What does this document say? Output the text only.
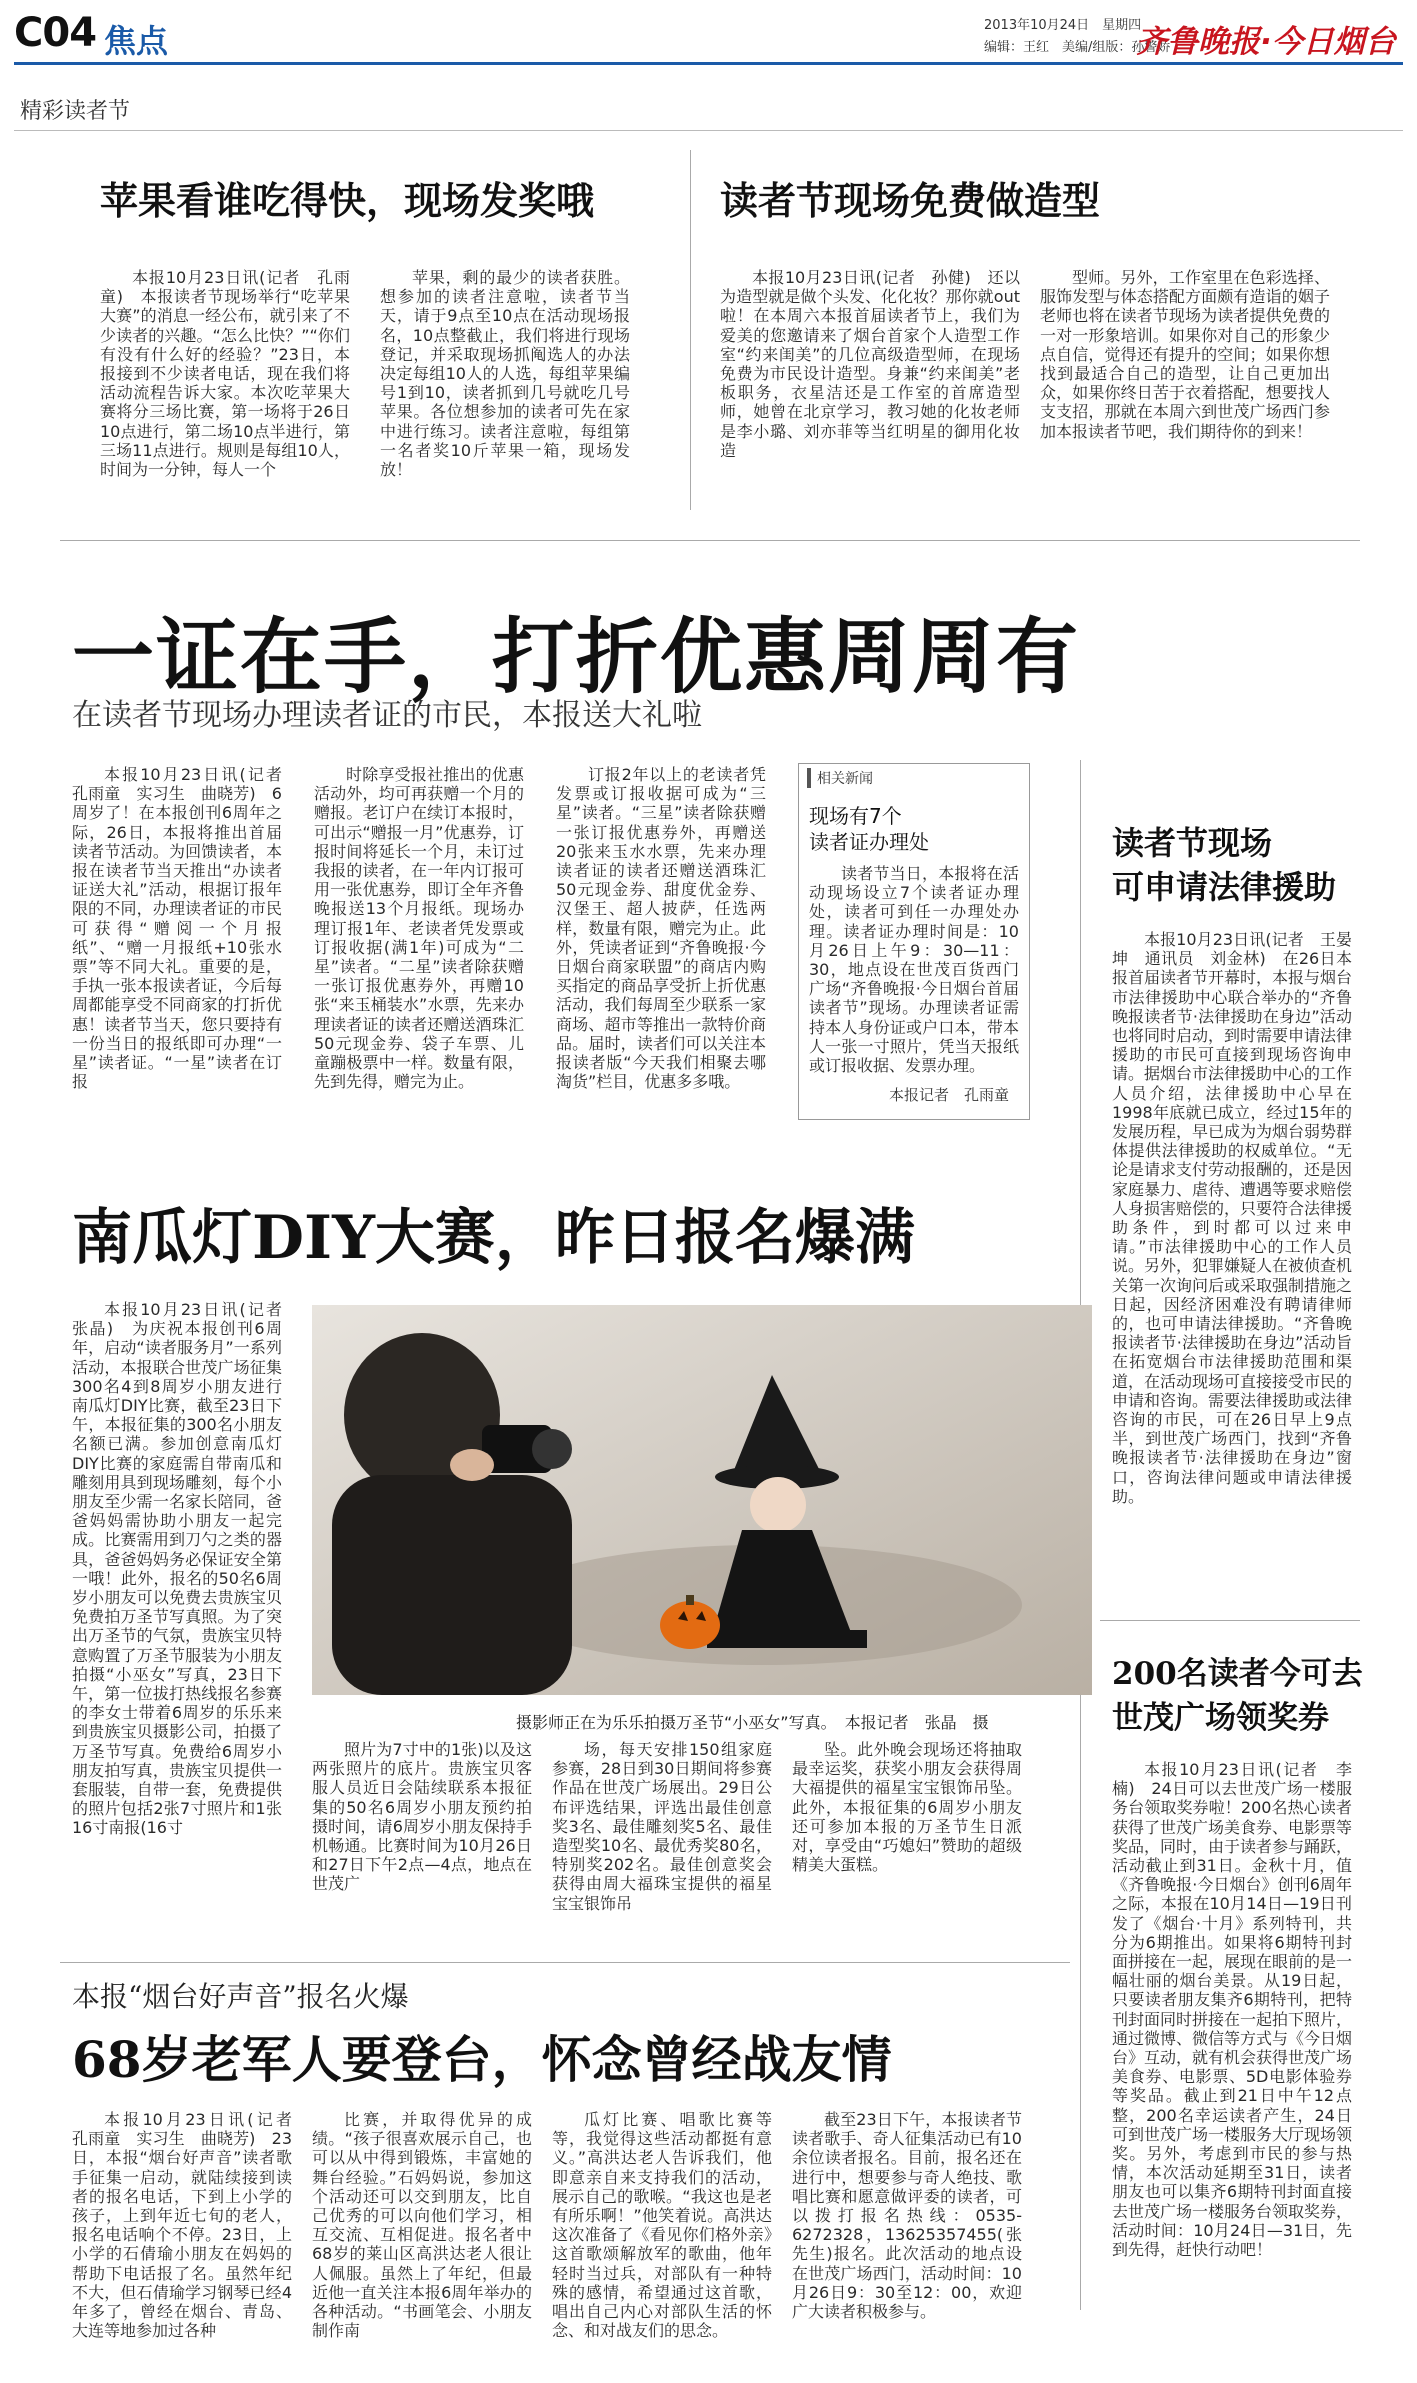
C04 焦点	2013年10月24日　星期四
编辑：王红　美编/组版：孙警娇
齐鲁晚报·今日烟台
精彩读者节
苹果看谁吃得快，现场发奖哦

本报10月23日讯(记者　孔雨童)　本报读者节现场举行“吃苹果大赛”的消息一经公布，就引来了不少读者的兴趣。“怎么比快？”“你们有没有什么好的经验？”23日，本报接到不少读者电话，现在我们将活动流程告诉大家。本次吃苹果大赛将分三场比赛，第一场将于26日10点进行，第二场10点半进行，第三场11点进行。规则是每组10人，时间为一分钟，每人一个

苹果，剩的最少的读者获胜。想参加的读者注意啦，读者节当天，请于9点至10点在活动现场报名，10点整截止，我们将进行现场登记，并采取现场抓阄选人的办法决定每组10人的人选，每组苹果编号1到10，读者抓到几号就吃几号苹果。各位想参加的读者可先在家中进行练习。读者注意啦，每组第一名者奖10斤苹果一箱，现场发放！

读者节现场免费做造型

本报10月23日讯(记者　孙健)　还以为造型就是做个头发、化化妆？那你就out啦！在本周六本报首届读者节上，我们为爱美的您邀请来了烟台首家个人造型工作室“约来闺美”的几位高级造型师，在现场免费为市民设计造型。身兼“约来闺美”老板职务，衣星洁还是工作室的首席造型师，她曾在北京学习，教习她的化妆老师是李小璐、刘亦菲等当红明星的御用化妆造

型师。另外，工作室里在色彩选择、服饰发型与体态搭配方面颇有造诣的姻子老师也将在读者节现场为读者提供免费的一对一形象培训。如果你对自己的形象少点自信，觉得还有提升的空间；如果你想找到最适合自己的造型，让自己更加出众，如果你终日苦于衣着搭配，想要找人支支招，那就在本周六到世茂广场西门参加本报读者节吧，我们期待你的到来！

一证在手，打折优惠周周有
在读者节现场办理读者证的市民，本报送大礼啦

本报10月23日讯(记者　孔雨童　实习生　曲晓芳)　6周岁了！在本报创刊6周年之际，26日，本报将推出首届读者节活动。为回馈读者，本报在读者节当天推出“办读者证送大礼”活动，根据订报年限的不同，办理读者证的市民可获得“赠阅一个月报纸”、“赠一月报纸+10张水票”等不同大礼。重要的是，手执一张本报读者证，今后每周都能享受不同商家的打折优惠！读者节当天，您只要持有一份当日的报纸即可办理“一星”读者证。“一星”读者在订报

时除享受报社推出的优惠活动外，均可再获赠一个月的赠报。老订户在续订本报时，可出示“赠报一月”优惠券，订报时间将延长一个月，未订过我报的读者，在一年内订报可用一张优惠券，即订全年齐鲁晚报送13个月报纸。现场办理订报1年、老读者凭发票或订报收据(满1年)可成为“二星”读者。“二星”读者除获赠一张订报优惠券外，再赠10张“来玉桶装水”水票，先来办理读者证的读者还赠送酒珠汇50元现金券、袋子车票、儿童蹦极票中一样。数量有限，先到先得，赠完为止。

订报2年以上的老读者凭发票或订报收据可成为“三星”读者。“三星”读者除获赠一张订报优惠券外，再赠送20张来玉水水票，先来办理读者证的读者还赠送酒珠汇50元现金券、甜度优金券、汉堡王、超人披萨，任选两样，数量有限，赠完为止。此外，凭读者证到“齐鲁晚报·今日烟台商家联盟”的商店内购买指定的商品享受折上折优惠活动，我们每周至少联系一家商场、超市等推出一款特价商品。届时，读者们可以关注本报读者版“今天我们相聚去哪淘货”栏目，优惠多多哦。

相关新闻
现场有7个
读者证办理处

读者节当日，本报将在活动现场设立7个读者证办理处，读者可到任一办理处办理。读者证办理时间是：10月26日上午9：30—11：30，地点设在世茂百货西门广场“齐鲁晚报·今日烟台首届读者节”现场。办理读者证需持本人身份证或户口本，带本人一张一寸照片，凭当天报纸或订报收据、发票办理。

本报记者　孔雨童
读者节现场
可申请法律援助

本报10月23日讯(记者　王晏坤　通讯员　刘金林)　在26日本报首届读者节开幕时，本报与烟台市法律援助中心联合举办的“齐鲁晚报读者节·法律援助在身边”活动也将同时启动，到时需要申请法律援助的市民可直接到现场咨询申请。据烟台市法律援助中心的工作人员介绍，法律援助中心早在1998年底就已成立，经过15年的发展历程，早已成为为烟台弱势群体提供法律援助的权威单位。“无论是请求支付劳动报酬的，还是因家庭暴力、虐待、遭遇等要求赔偿人身损害赔偿的，只要符合法律援助条件，到时都可以过来申请。”市法律援助中心的工作人员说。另外，犯罪嫌疑人在被侦查机关第一次询问后或采取强制措施之日起，因经济困难没有聘请律师的，也可申请法律援助。“齐鲁晚报读者节·法律援助在身边”活动旨在拓宽烟台市法律援助范围和渠道，在活动现场可直接接受市民的申请和咨询。需要法律援助或法律咨询的市民，可在26日早上9点半，到世茂广场西门，找到“齐鲁晚报读者节·法律援助在身边”窗口，咨询法律问题或申请法律援助。

200名读者今可去
世茂广场领奖券

本报10月23日讯(记者　李楠)　24日可以去世茂广场一楼服务台领取奖券啦！200名热心读者获得了世茂广场美食券、电影票等奖品，同时，由于读者参与踊跃，活动截止到31日。金秋十月，值《齐鲁晚报·今日烟台》创刊6周年之际，本报在10月14日—19日刊发了《烟台·十月》系列特刊，共分为6期推出。如果将6期特刊封面拼接在一起，展现在眼前的是一幅壮丽的烟台美景。从19日起，只要读者朋友集齐6期特刊，把特刊封面同时拼接在一起拍下照片，通过微博、微信等方式与《今日烟台》互动，就有机会获得世茂广场美食券、电影票、5D电影体验券等奖品。截止到21日中午12点整，200名幸运读者产生，24日可到世茂广场一楼服务大厅现场领奖。另外，考虑到市民的参与热情，本次活动延期至31日，读者朋友也可以集齐6期特刊封面直接去世茂广场一楼服务台领取奖券，活动时间：10月24日—31日，先到先得，赶快行动吧！

南瓜灯DIY大赛，昨日报名爆满

本报10月23日讯(记者　张晶)　为庆祝本报创刊6周年，启动“读者服务月”一系列活动，本报联合世茂广场征集300名4到8周岁小朋友进行南瓜灯DIY比赛，截至23日下午，本报征集的300名小朋友名额已满。参加创意南瓜灯DIY比赛的家庭需自带南瓜和雕刻用具到现场雕刻，每个小朋友至少需一名家长陪同，爸爸妈妈需协助小朋友一起完成。比赛需用到刀勺之类的器具，爸爸妈妈务必保证安全第一哦！此外，报名的50名6周岁小朋友可以免费去贵族宝贝免费拍万圣节写真照。为了突出万圣节的气氛，贵族宝贝特意购置了万圣节服装为小朋友拍摄“小巫女”写真，23日下午，第一位拔打热线报名参赛的李女士带着6周岁的乐乐来到贵族宝贝摄影公司，拍摄了万圣节写真。免费给6周岁小朋友拍写真，贵族宝贝提供一套服装，自带一套，免费提供的照片包括2张7寸照片和1张16寸南报(16寸

摄影师正在为乐乐拍摄万圣节“小巫女”写真。　本报记者　张晶　摄

照片为7寸中的1张)以及这两张照片的底片。贵族宝贝客服人员近日会陆续联系本报征集的50名6周岁小朋友预约拍摄时间，请6周岁小朋友保持手机畅通。比赛时间为10月26日和27日下午2点—4点，地点在世茂广

场，每天安排150组家庭参赛，28日到30日期间将参赛作品在世茂广场展出。29日公布评选结果，评选出最佳创意奖3名、最佳雕刻奖5名、最佳造型奖10名、最优秀奖80名，特别奖202名。最佳创意奖会获得由周大福珠宝提供的福星宝宝银饰吊

坠。此外晚会现场还将抽取最幸运奖，获奖小朋友会获得周大福提供的福星宝宝银饰吊坠。此外，本报征集的6周岁小朋友还可参加本报的万圣节生日派对，享受由“巧媳妇”赞助的超级精美大蛋糕。

本报“烟台好声音”报名火爆
68岁老军人要登台，怀念曾经战友情

本报10月23日讯(记者　孔雨童　实习生　曲晓芳)　23日，本报“烟台好声音”读者歌手征集一启动，就陆续接到读者的报名电话，下到上小学的孩子，上到年近七旬的老人，报名电话响个不停。23日，上小学的石倩瑜小朋友在妈妈的帮助下电话报了名。虽然年纪不大，但石倩瑜学习钢琴已经4年多了，曾经在烟台、青岛、大连等地参加过各种

比赛，并取得优异的成绩。“孩子很喜欢展示自己，也可以从中得到锻炼，丰富她的舞台经验。”石妈妈说，参加这个活动还可以交到朋友，比自己优秀的可以向他们学习，相互交流、互相促进。报名者中68岁的莱山区高洪达老人很让人佩服。虽然上了年纪，但最近他一直关注本报6周年举办的各种活动。“书画笔会、小朋友制作南

瓜灯比赛、唱歌比赛等等，我觉得这些活动都挺有意义。”高洪达老人告诉我们，他即意亲自来支持我们的活动，展示自己的歌喉。“我这也是老有所乐啊！”他笑着说。高洪达这次准备了《看见你们格外亲》这首歌颂解放军的歌曲，他年轻时当过兵，对部队有一种特殊的感情，希望通过这首歌，唱出自己内心对部队生活的怀念、和对战友们的思念。

截至23日下午，本报读者节读者歌手、奇人征集活动已有10余位读者报名。目前，报名还在进行中，想要参与奇人绝技、歌唱比赛和愿意做评委的读者，可以拨打报名热线：0535-6272328，13625357455(张先生)报名。此次活动的地点设在世茂广场西门，活动时间：10月26日9：30至12：00，欢迎广大读者积极参与。
